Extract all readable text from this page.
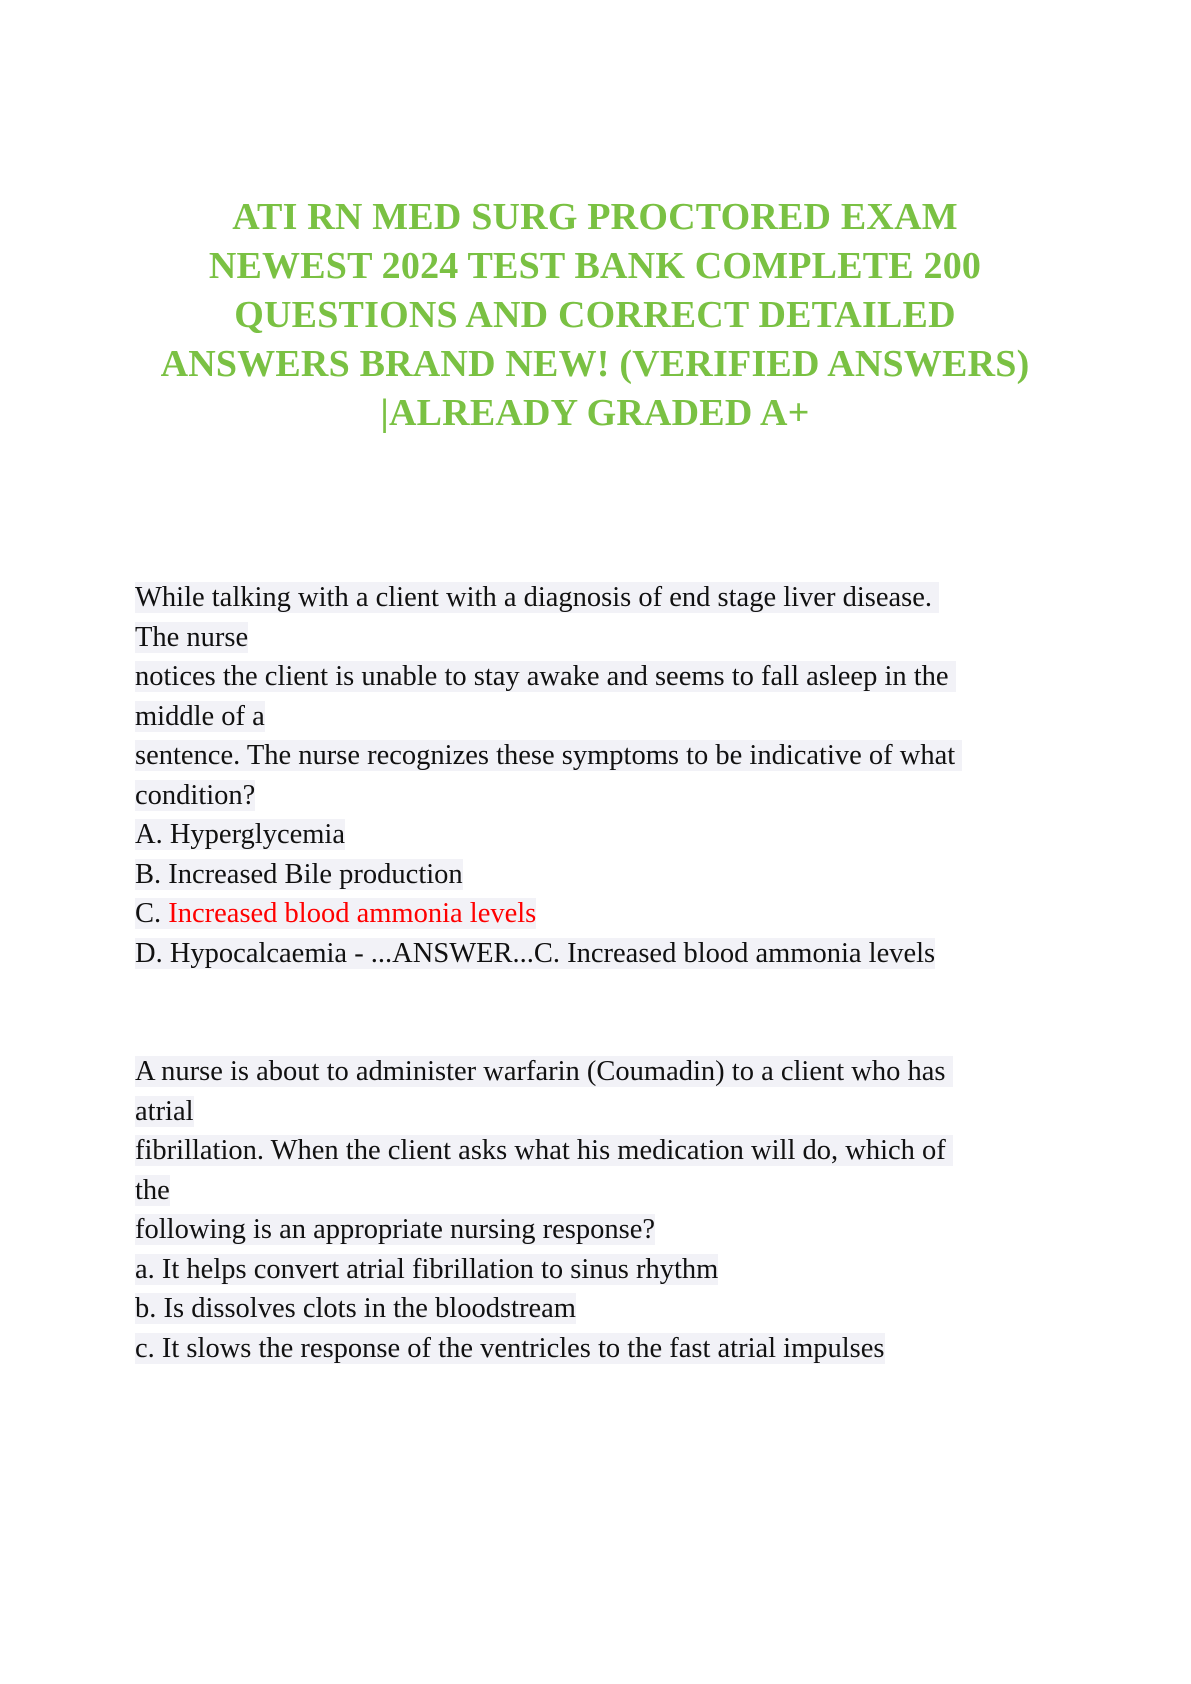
ATI RN MED SURG PROCTORED EXAM NEWEST 2024 TEST BANK COMPLETE 200 QUESTIONS AND CORRECT DETAILED ANSWERS BRAND NEW! (VERIFIED ANSWERS) |ALREADY GRADED A+
While talking with a client with a diagnosis of end stage liver disease. The nurse
notices the client is unable to stay awake and seems to fall asleep in the middle of a
sentence. The nurse recognizes these symptoms to be indicative of what condition?
A. Hyperglycemia
B. Increased Bile production
C. Increased blood ammonia levels
D. Hypocalcaemia - ...ANSWER...C. Increased blood ammonia levels
A nurse is about to administer warfarin (Coumadin) to a client who has atrial
fibrillation. When the client asks what his medication will do, which of the
following is an appropriate nursing response?
a. It helps convert atrial fibrillation to sinus rhythm
b. Is dissolves clots in the bloodstream
c. It slows the response of the ventricles to the fast atrial impulses
